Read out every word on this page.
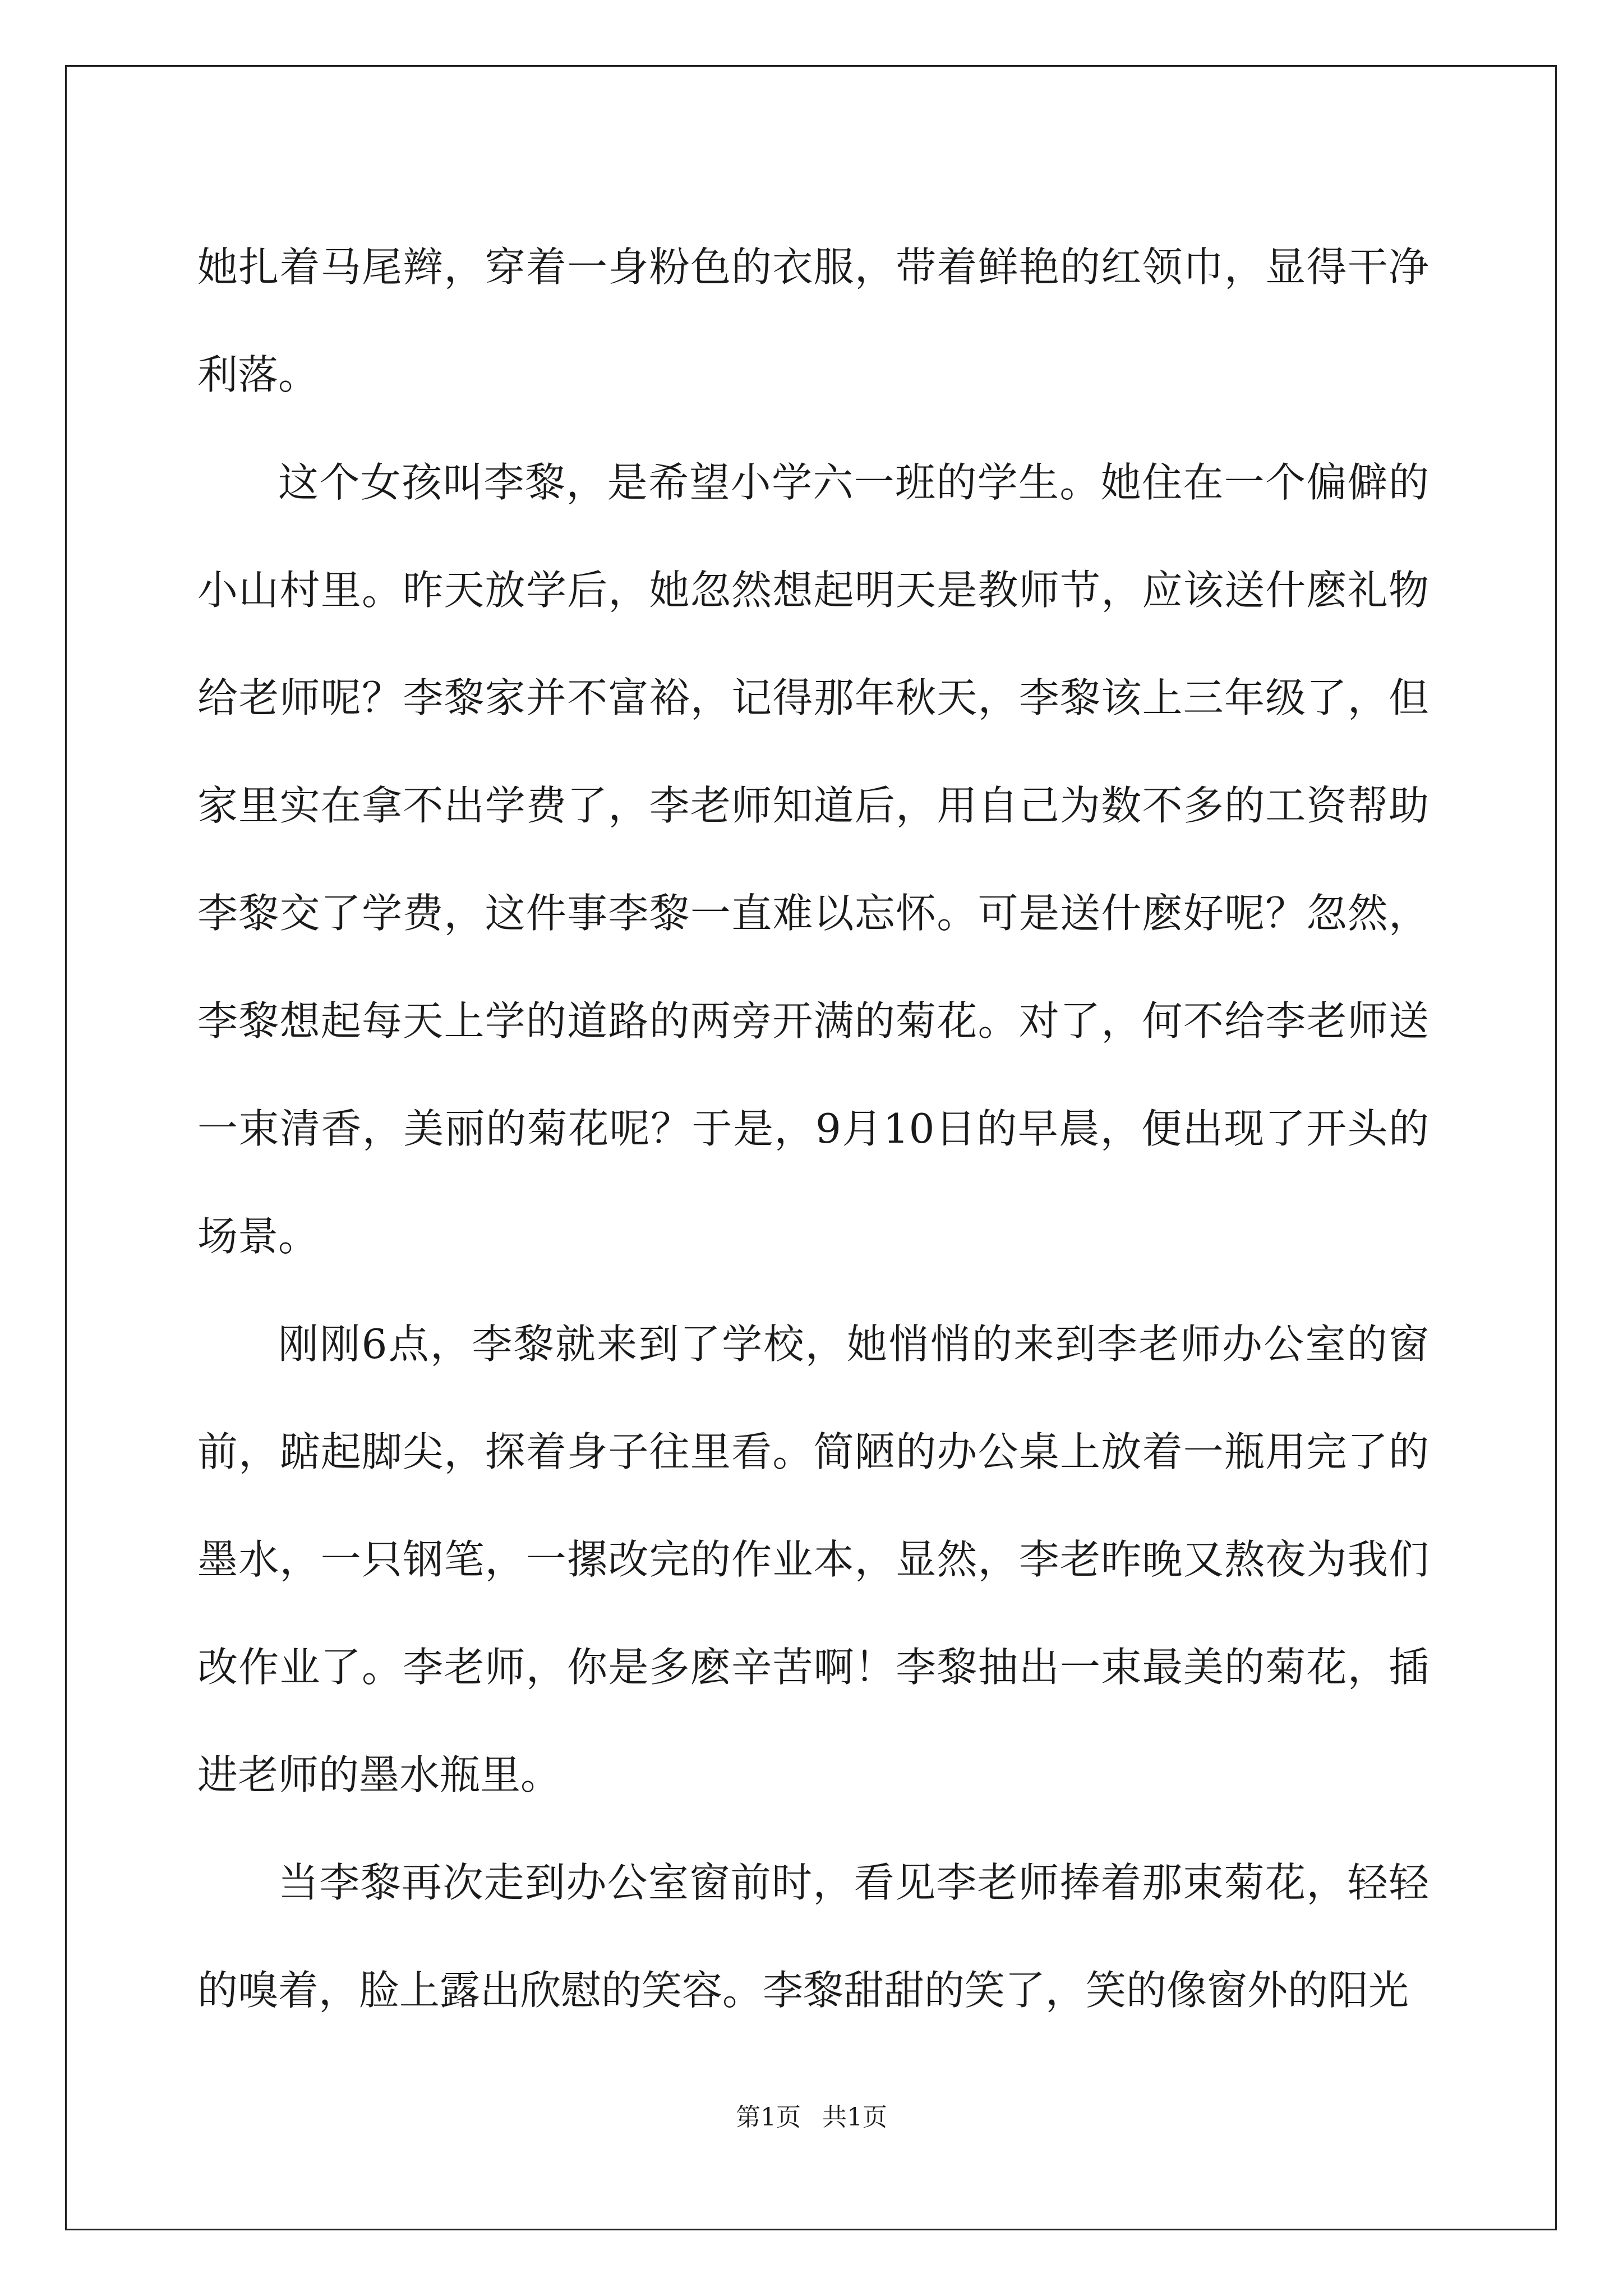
她扎着马尾辫，穿着一身粉色的衣服，带着鲜艳的红领巾，显得干净利落。

这个女孩叫李黎，是希望小学六一班的学生。她住在一个偏僻的小山村里。昨天放学后，她忽然想起明天是教师节，应该送什麽礼物给老师呢？李黎家并不富裕，记得那年秋天，李黎该上三年级了，但家里实在拿不出学费了，李老师知道后，用自己为数不多的工资帮助李黎交了学费，这件事李黎一直难以忘怀。可是送什麽好呢？忽然，李黎想起每天上学的道路的两旁开满的菊花。对了，何不给李老师送一束清香，美丽的菊花呢？于是，9月10日的早晨，便出现了开头的场景。

刚刚6点，李黎就来到了学校，她悄悄的来到李老师办公室的窗前，踮起脚尖，探着身子往里看。简陋的办公桌上放着一瓶用完了的墨水，一只钢笔，一摞改完的作业本，显然，李老昨晚又熬夜为我们改作业了。李老师，你是多麽辛苦啊！李黎抽出一束最美的菊花，插进老师的墨水瓶里。

当李黎再次走到办公室窗前时，看见李老师捧着那束菊花，轻轻的嗅着，脸上露出欣慰的笑容。李黎甜甜的笑了，笑的像窗外的阳光

第1页 共1页
